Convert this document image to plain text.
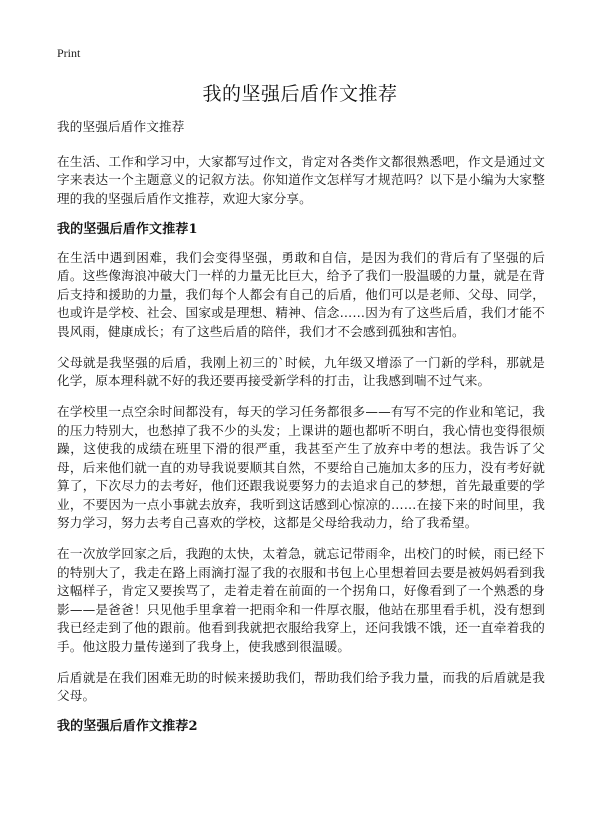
Print
我的坚强后盾作文推荐

我的坚强后盾作文推荐

在生活、工作和学习中，大家都写过作文，肯定对各类作文都很熟悉吧，作文是通过文字来表达一个主题意义的记叙方法。你知道作文怎样写才规范吗？以下是小编为大家整理的我的坚强后盾作文推荐，欢迎大家分享。

我的坚强后盾作文推荐1

在生活中遇到困难，我们会变得坚强，勇敢和自信，是因为我们的背后有了坚强的后盾。这些像海浪冲破大门一样的力量无比巨大，给予了我们一股温暖的力量，就是在背后支持和援助的力量，我们每个人都会有自己的后盾，他们可以是老师、父母、同学，也或许是学校、社会、国家或是理想、精神、信念……因为有了这些后盾，我们才能不畏风雨，健康成长；有了这些后盾的陪伴，我们才不会感到孤独和害怕。

父母就是我坚强的后盾，我刚上初三的`时候，九年级又增添了一门新的学科，那就是化学，原本理科就不好的我还要再接受新学科的打击，让我感到喘不过气来。

在学校里一点空余时间都没有，每天的学习任务都很多——有写不完的作业和笔记，我的压力特别大，也愁掉了我不少的头发；上课讲的题也都听不明白，我心情也变得很烦躁，这使我的成绩在班里下滑的很严重，我甚至产生了放弃中考的想法。我告诉了父母，后来他们就一直的劝导我说要顺其自然，不要给自己施加太多的压力，没有考好就算了，下次尽力的去考好，他们还跟我说要努力的去追求自己的梦想，首先最重要的学业，不要因为一点小事就去放弃，我听到这话感到心惊凉的……在接下来的时间里，我努力学习，努力去考自己喜欢的学校，这都是父母给我动力，给了我希望。

在一次放学回家之后，我跑的太快，太着急，就忘记带雨伞，出校门的时候，雨已经下的特别大了，我走在路上雨滴打湿了我的衣服和书包上心里想着回去要是被妈妈看到我这幅样子，肯定又要挨骂了，走着走着在前面的一个拐角口，好像看到了一个熟悉的身影——是爸爸！只见他手里拿着一把雨伞和一件厚衣服，他站在那里看手机，没有想到我已经走到了他的跟前。他看到我就把衣服给我穿上，还问我饿不饿，还一直牵着我的手。他这股力量传递到了我身上，使我感到很温暖。

后盾就是在我们困难无助的时候来援助我们，帮助我们给予我力量，而我的后盾就是我父母。

我的坚强后盾作文推荐2
